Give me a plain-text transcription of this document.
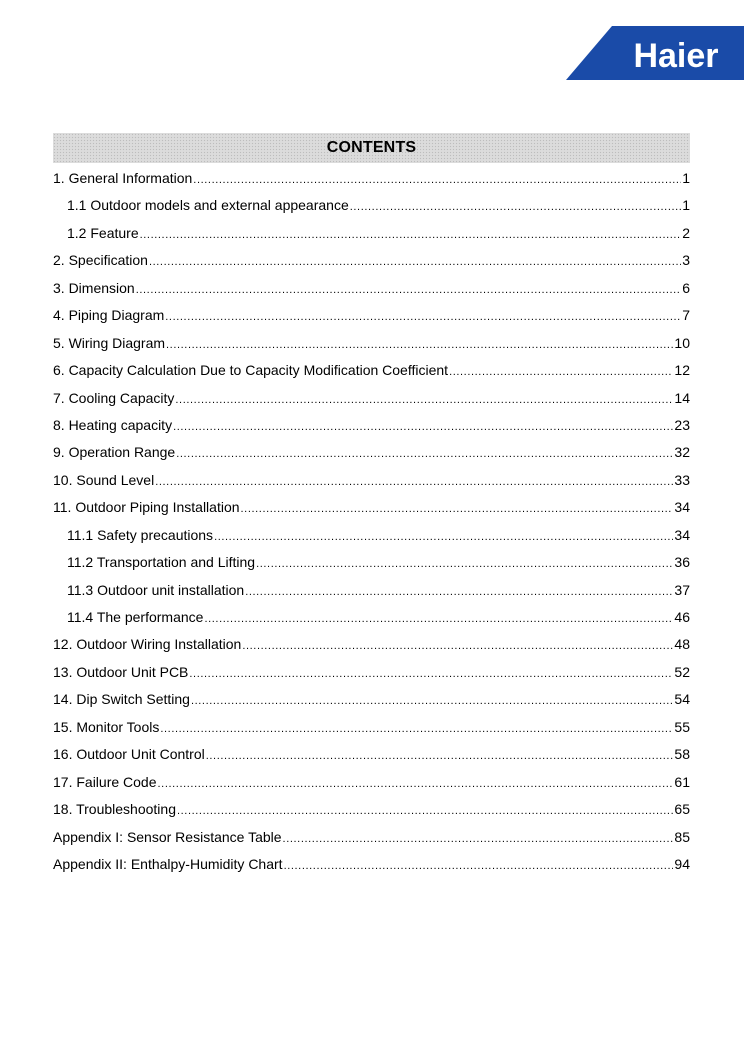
Haier
CONTENTS
1. General Information .....	1
1.1 Outdoor models and external appearance .....	1
1.2 Feature .....	2
2. Specification .....	3
3. Dimension .....	6
4. Piping Diagram .....	7
5. Wiring Diagram .....	10
6. Capacity Calculation Due to Capacity Modification Coefficient .....	12
7. Cooling Capacity .....	14
8. Heating capacity .....	23
9. Operation Range .....	32
10. Sound Level .....	33
11. Outdoor Piping Installation .....	34
11.1 Safety precautions .....	34
11.2 Transportation and Lifting .....	36
11.3 Outdoor unit installation .....	37
11.4 The performance .....	46
12. Outdoor Wiring Installation .....	48
13. Outdoor Unit PCB .....	52
14. Dip Switch Setting .....	54
15. Monitor Tools .....	55
16. Outdoor Unit Control .....	58
17. Failure Code .....	61
18. Troubleshooting .....	65
Appendix I: Sensor Resistance Table .....	85
Appendix II: Enthalpy-Humidity Chart .....	94
